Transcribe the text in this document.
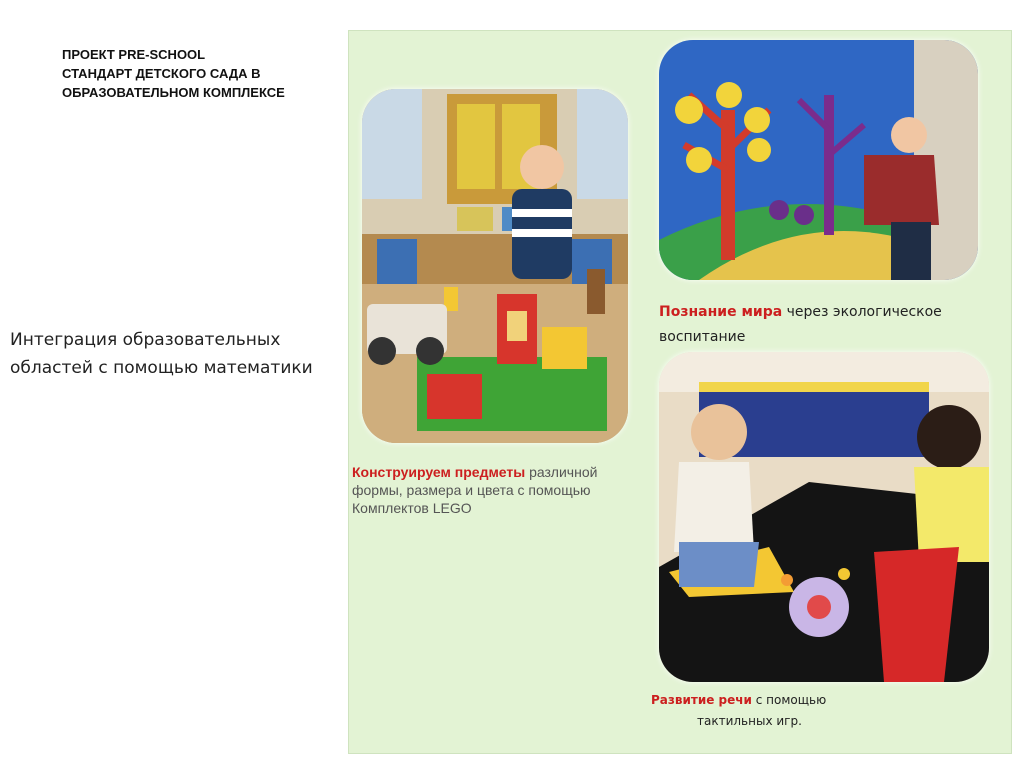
ПРОЕКТ PRE-SCHOOL
СТАНДАРТ ДЕТСКОГО САДА В
ОБРАЗОВАТЕЛЬНОМ КОМПЛЕКСЕ
Интеграция образовательных
областей с помощью математики
Конструируем предметы различной формы, размера и цвета с помощью Комплектов LEGO
Познание мира через экологическое воспитание
Развитие речи с помощью
тактильных игр.
